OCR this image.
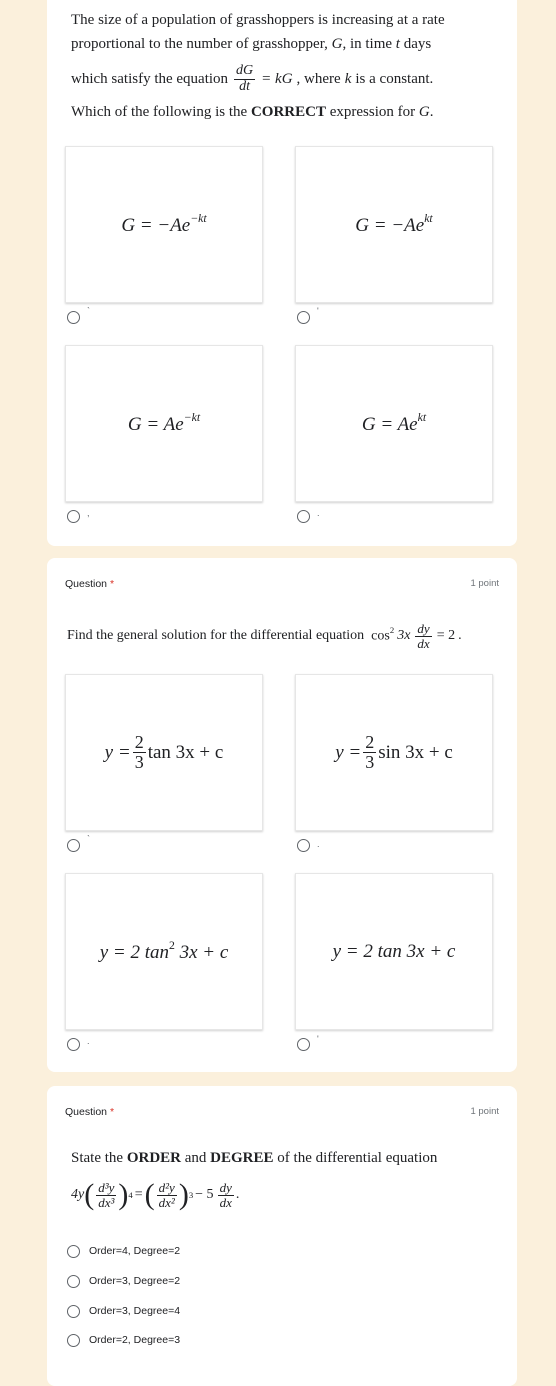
The size of a population of grasshoppers is increasing at a rate
proportional to the number of grasshopper, G, in time t days
which satisfy the equation $\frac{dG}{dt}$ = kG , where k is a constant.
Which of the following is the CORRECT expression for G.
$G = -Ae^{-kt}$	$G = -Ae^{kt}$
`	'
$G = Ae^{-kt}$	$G = Ae^{kt}$
,	.
Question *	1 point
Find the general solution for the differential equation $\cos^2 3x \frac{dy}{dx} = 2$ .
$y = \frac{2}{3}$ tan 3x + c	$y = \frac{2}{3}$ sin 3x + c
`	.
y = 2 $\tan^2 3x + c$	y = 2 tan 3x + c
.	'
Question *	1 point
State the ORDER and DEGREE of the differential equation
4y ( $\frac{\text{d³y}}{\text{dx³}}$ ) 4 = ( $\frac{\text{d²y}}{\text{dx²}}$ ) $3 - 5 \frac{dy}{dx}$ .
Order=4, Degree=2
Order=3, Degree=2
Order=3, Degree=4
Order=2, Degree=3
